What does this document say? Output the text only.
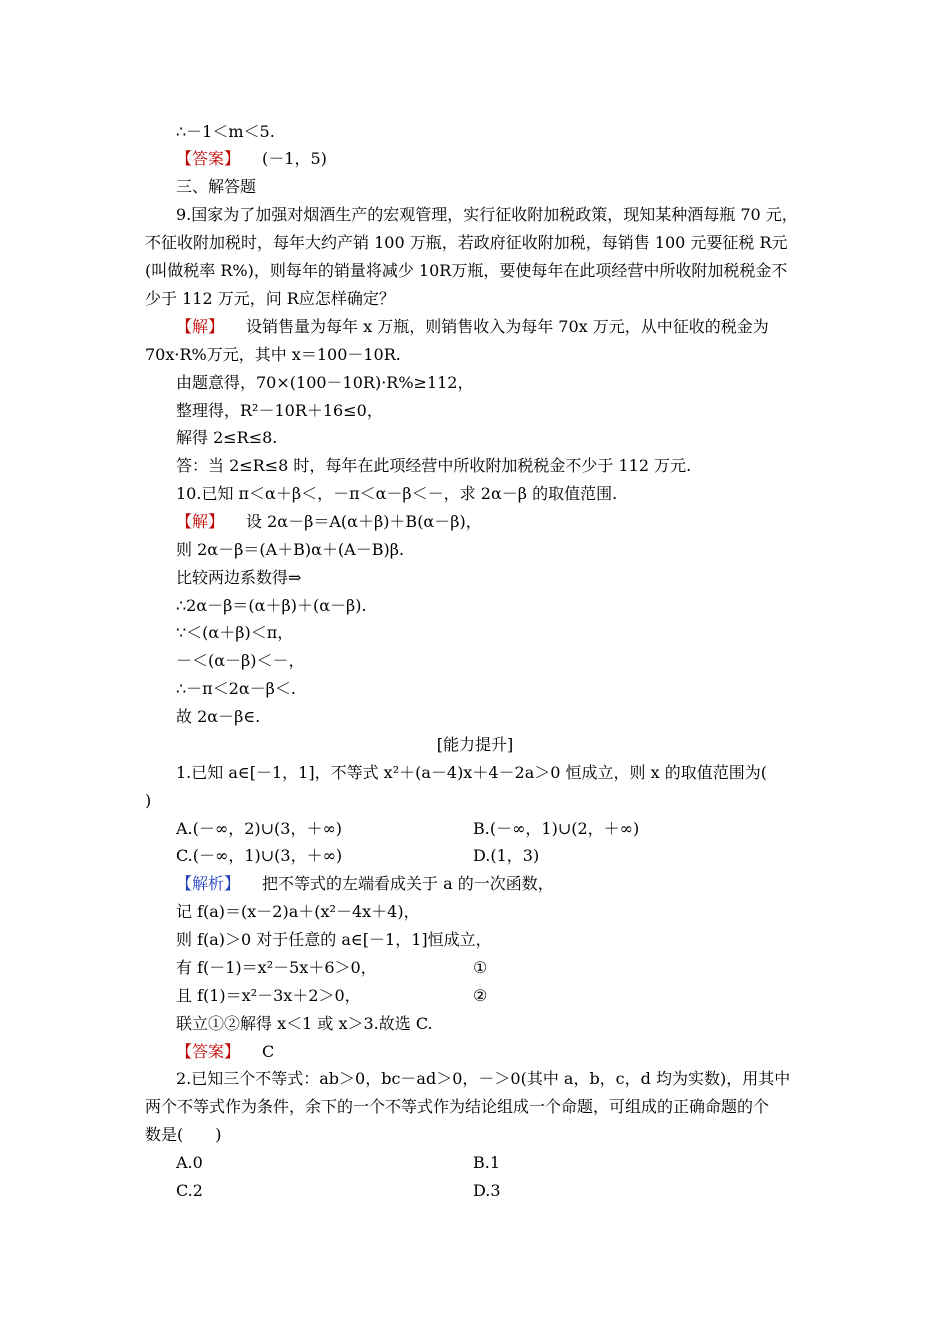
∴－1＜m＜5.
【答案】 (－1，5)
三、解答题
9.国家为了加强对烟酒生产的宏观管理，实行征收附加税政策，现知某种酒每瓶 70 元，
不征收附加税时，每年大约产销 100 万瓶，若政府征收附加税，每销售 100 元要征税 R元
(叫做税率 R%)，则每年的销量将减少 10R万瓶，要使每年在此项经营中所收附加税税金不
少于 112 万元，问 R应怎样确定？
【解】 设销售量为每年 x 万瓶，则销售收入为每年 70x 万元，从中征收的税金为
70x·R%万元，其中 x＝100－10R.
由题意得，70×(100－10R)·R%≥112，
整理得，R²－10R＋16≤0，
解得 2≤R≤8.
答：当 2≤R≤8 时，每年在此项经营中所收附加税税金不少于 112 万元.
10.已知 π＜α＋β＜，－π＜α－β＜－，求 2α－β 的取值范围.
【解】 设 2α－β＝A(α＋β)＋B(α－β)，
则 2α－β＝(A＋B)α＋(A－B)β.
比较两边系数得⇒
∴2α－β＝(α＋β)＋(α－β).
∵＜(α＋β)＜π，
－＜(α－β)＜－，
∴－π＜2α－β＜.
故 2α－β∈.
[能力提升]
1.已知 a∈[－1，1]，不等式 x²＋(a－4)x＋4－2a＞0 恒成立，则 x 的取值范围为(
)
A.(－∞，2)∪(3，＋∞)	B.(－∞，1)∪(2，＋∞)
C.(－∞，1)∪(3，＋∞)	D.(1，3)
【解析】 把不等式的左端看成关于 a 的一次函数，
记 f(a)＝(x－2)a＋(x²－4x＋4)，
则 f(a)＞0 对于任意的 a∈[－1，1]恒成立，
有 f(－1)＝x²－5x＋6＞0，	①
且 f(1)＝x²－3x＋2＞0，	②
联立①②解得 x＜1 或 x＞3.故选 C.
【答案】 C
2.已知三个不等式：ab＞0，bc－ad＞0，－＞0(其中 a，b，c，d 均为实数)，用其中
两个不等式作为条件，余下的一个不等式作为结论组成一个命题，可组成的正确命题的个
数是(　　)
A.0	B.1
C.2	D.3
